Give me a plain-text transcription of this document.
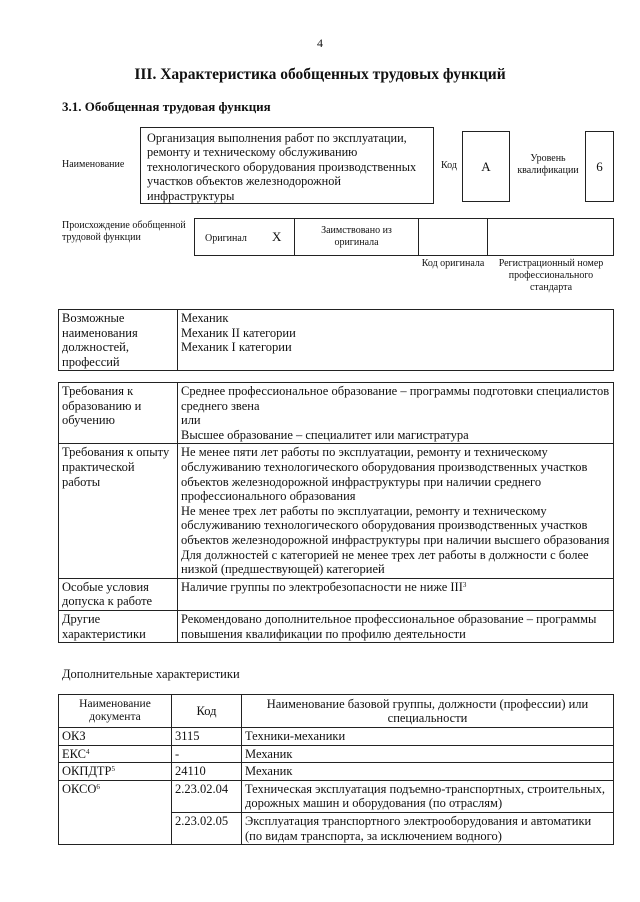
4
III. Характеристика обобщенных трудовых функций
3.1. Обобщенная трудовая функция
Наименование
Организация выполнения работ по эксплуатации, ремонту и техническому обслуживанию технологического оборудования производственных участков объектов железнодорожной инфраструктуры
Код А	Уровень квалификации	6
Происхождение обобщенной трудовой функции	Оригинал Х	Заимствовано из оригинала
Код оригинала	Регистрационный номер профессионального стандарта
Возможные наименования должностей, профессий	
Механик
Механик II категории
Механик I категории
Требования к образованию и обучению	Среднее профессиональное образование – программы подготовки специалистов среднего звена
или
Высшее образование – специалитет или магистратура
Требования к опыту практической работы	Не менее пяти лет работы по эксплуатации, ремонту и техническому обслуживанию технологического оборудования производственных участков объектов железнодорожной инфраструктуры при наличии среднего профессионального образования
Не менее трех лет работы по эксплуатации, ремонту и техническому обслуживанию технологического оборудования производственных участков объектов железнодорожной инфраструктуры при наличии высшего образования
Для должностей с категорией не менее трех лет работы в должности с более низкой (предшествующей) категорией
Особые условия допуска к работе	Наличие группы по электробезопасности не ниже III$^3$
Другие характеристики	Рекомендовано дополнительное профессиональное образование – программы повышения квалификации по профилю деятельности
Дополнительные характеристики
Наименование документа	Код	Наименование базовой группы, должности (профессии) или специальности
ОКЗ	3115	Техники-механики
ЕКС$^4$	-	Механик
ОКПДТР$^5$	24110	Механик
ОКСО$^6$	2.23.02.04	Техническая эксплуатация подъемно-транспортных, строительных, дорожных машин и оборудования (по отраслям)
	2.23.02.05	Эксплуатация транспортного электрооборудования и автоматики (по видам транспорта, за исключением водного)
